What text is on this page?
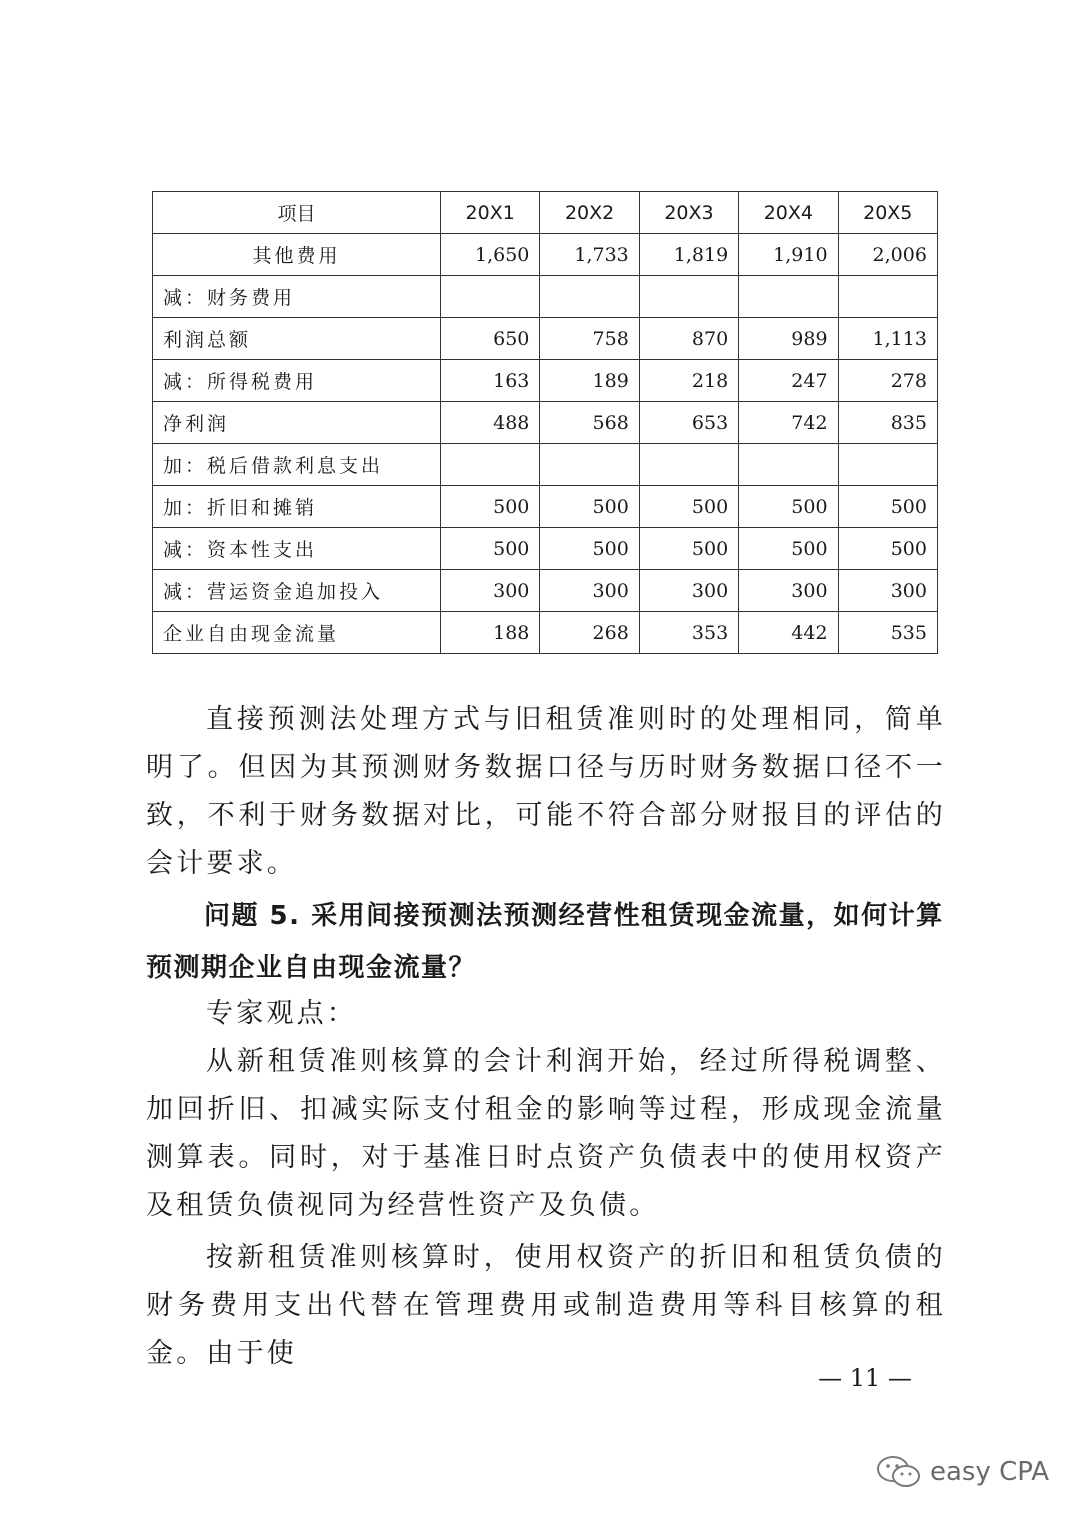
项目	20X1	20X2	20X3	20X4	20X5
其他费用	1,650	1,733	1,819	1,910	2,006
减：财务费用					
利润总额	650	758	870	989	1,113
减：所得税费用	163	189	218	247	278
净利润	488	568	653	742	835
加：税后借款利息支出					
加：折旧和摊销	500	500	500	500	500
减：资本性支出	500	500	500	500	500
减：营运资金追加投入	300	300	300	300	300
企业自由现金流量	188	268	353	442	535

直接预测法处理方式与旧租赁准则时的处理相同，简单明了。但因为其预测财务数据口径与历时财务数据口径不一致，不利于财务数据对比，可能不符合部分财报目的评估的会计要求。

问题 5. 采用间接预测法预测经营性租赁现金流量，如何计算预测期企业自由现金流量？

专家观点：

从新租赁准则核算的会计利润开始，经过所得税调整、加回折旧、扣减实际支付租金的影响等过程，形成现金流量测算表。同时，对于基准日时点资产负债表中的使用权资产及租赁负债视同为经营性资产及负债。

按新租赁准则核算时，使用权资产的折旧和租赁负债的财务费用支出代替在管理费用或制造费用等科目核算的租金。由于使

— 11 —
easy CPA
